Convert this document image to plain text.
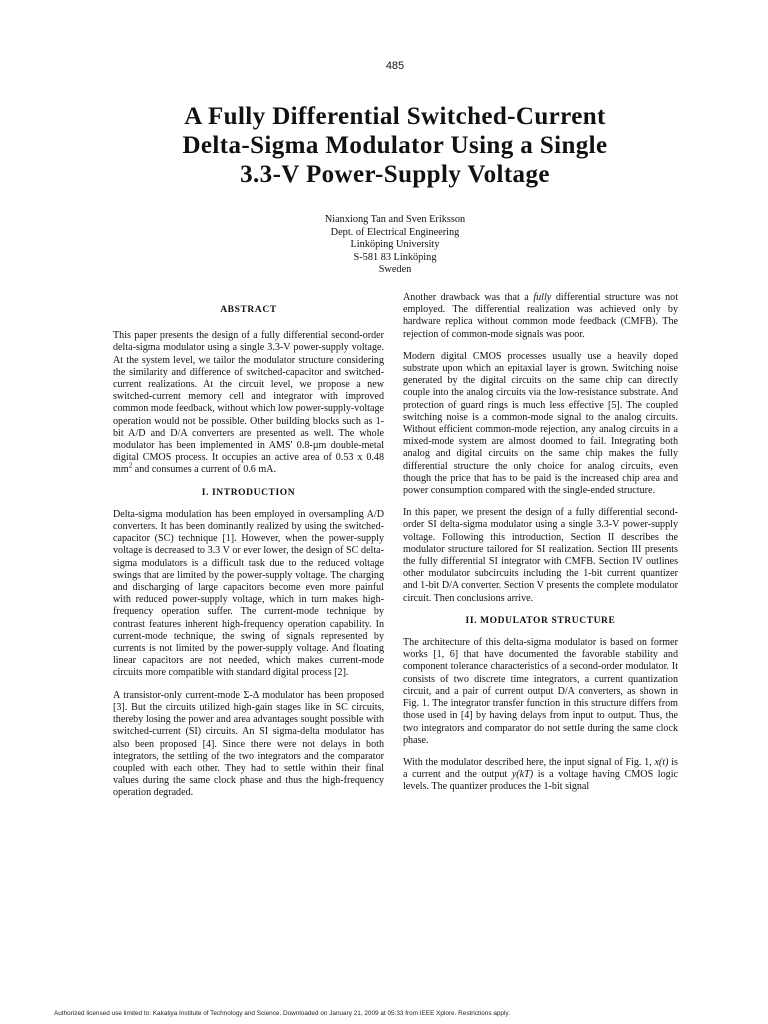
485
A Fully Differential Switched-Current
Delta-Sigma Modulator Using a Single
3.3-V Power-Supply Voltage
Nianxiong Tan and Sven Eriksson
Dept. of Electrical Engineering
Linköping University
S-581 83 Linköping
Sweden
ABSTRACT

This paper presents the design of a fully differential second-order delta-sigma modulator using a single 3.3-V power-supply voltage. At the system level, we tailor the modulator structure considering the similarity and difference of switched-capacitor and switched-current realizations. At the circuit level, we propose a new switched-current memory cell and integrator with improved common mode feedback, without which low power-supply-voltage operation would not be possible. Other building blocks such as 1-bit A/D and D/A converters are presented as well. The whole modulator has been implemented in AMS' 0.8-µm double-metal digital CMOS process. It occupies an active area of 0.53 x 0.48 $mm^2$ and consumes a current of 0.6 mA.

I. INTRODUCTION

Delta-sigma modulation has been employed in oversampling A/D converters. It has been dominantly realized by using the switched-capacitor (SC) technique [1]. However, when the power-supply voltage is decreased to 3.3 V or ever lower, the design of SC delta-sigma modulators is a difficult task due to the reduced voltage swings that are limited by the power-supply voltage. The charging and discharging of large capacitors become even more painful with reduced power-supply voltage, which in turn makes high-frequency operation suffer. The current-mode technique by contrast features inherent high-frequency operation capability. In current-mode technique, the swing of signals represented by currents is not limited by the power-supply voltage. And floating linear capacitors are not needed, which makes current-mode circuits more compatible with standard digital process [2].

A transistor-only current-mode Σ-Δ modulator has been proposed [3]. But the circuits utilized high-gain stages like in SC circuits, thereby losing the power and area advantages sought possible with switched-current (SI) circuits. An SI sigma-delta modulator has also been proposed [4]. Since there were not delays in both integrators, the settling of the two integrators and the comparator coupled with each other. They had to settle within their final values during the same clock phase and thus the high-frequency operation degraded.

Another drawback was that a fully differential structure was not employed. The differential realization was achieved only by hardware replica without common mode feedback (CMFB). The rejection of common-mode signals was poor.

Modern digital CMOS processes usually use a heavily doped substrate upon which an epitaxial layer is grown. Switching noise generated by the digital circuits on the same chip can directly couple into the analog circuits via the low-resistance substrate. And protection of guard rings is much less effective [5]. The coupled switching noise is a common-mode signal to the analog circuits. Without efficient common-mode rejection, any analog circuits in a mixed-mode system are almost doomed to fail. Integrating both analog and digital circuits on the same chip makes the fully differential structure the only choice for analog circuits, even though the price that has to be paid is the increased chip area and power consumption compared with the single-ended structure.

In this paper, we present the design of a fully differential second-order SI delta-sigma modulator using a single 3.3-V power-supply voltage. Following this introduction, Section II describes the modulator structure tailored for SI realization. Section III presents the fully differential SI integrator with CMFB. Section IV outlines other modulator subcircuits including the 1-bit current quantizer and 1-bit D/A converter. Section V presents the complete modulator circuit. Then conclusions arrive.

II. MODULATOR STRUCTURE

The architecture of this delta-sigma modulator is based on former works [1, 6] that have documented the favorable stability and component tolerance characteristics of a second-order modulator. It consists of two discrete time integrators, a current quantization circuit, and a pair of current output D/A converters, as shown in Fig. 1. The integrator transfer function in this structure differs from those used in [4] by having delays from input to output. Thus, the two integrators and comparator do not settle during the same clock phase.

With the modulator described here, the input signal of Fig. 1, x(t) is a current and the output y(kT) is a voltage having CMOS logic levels. The quantizer produces the 1-bit signal

Authorized licensed use limited to: Kakatiya Institute of Technology and Science. Downloaded on January 21, 2009 at 05:33 from IEEE Xplore. Restrictions apply.
